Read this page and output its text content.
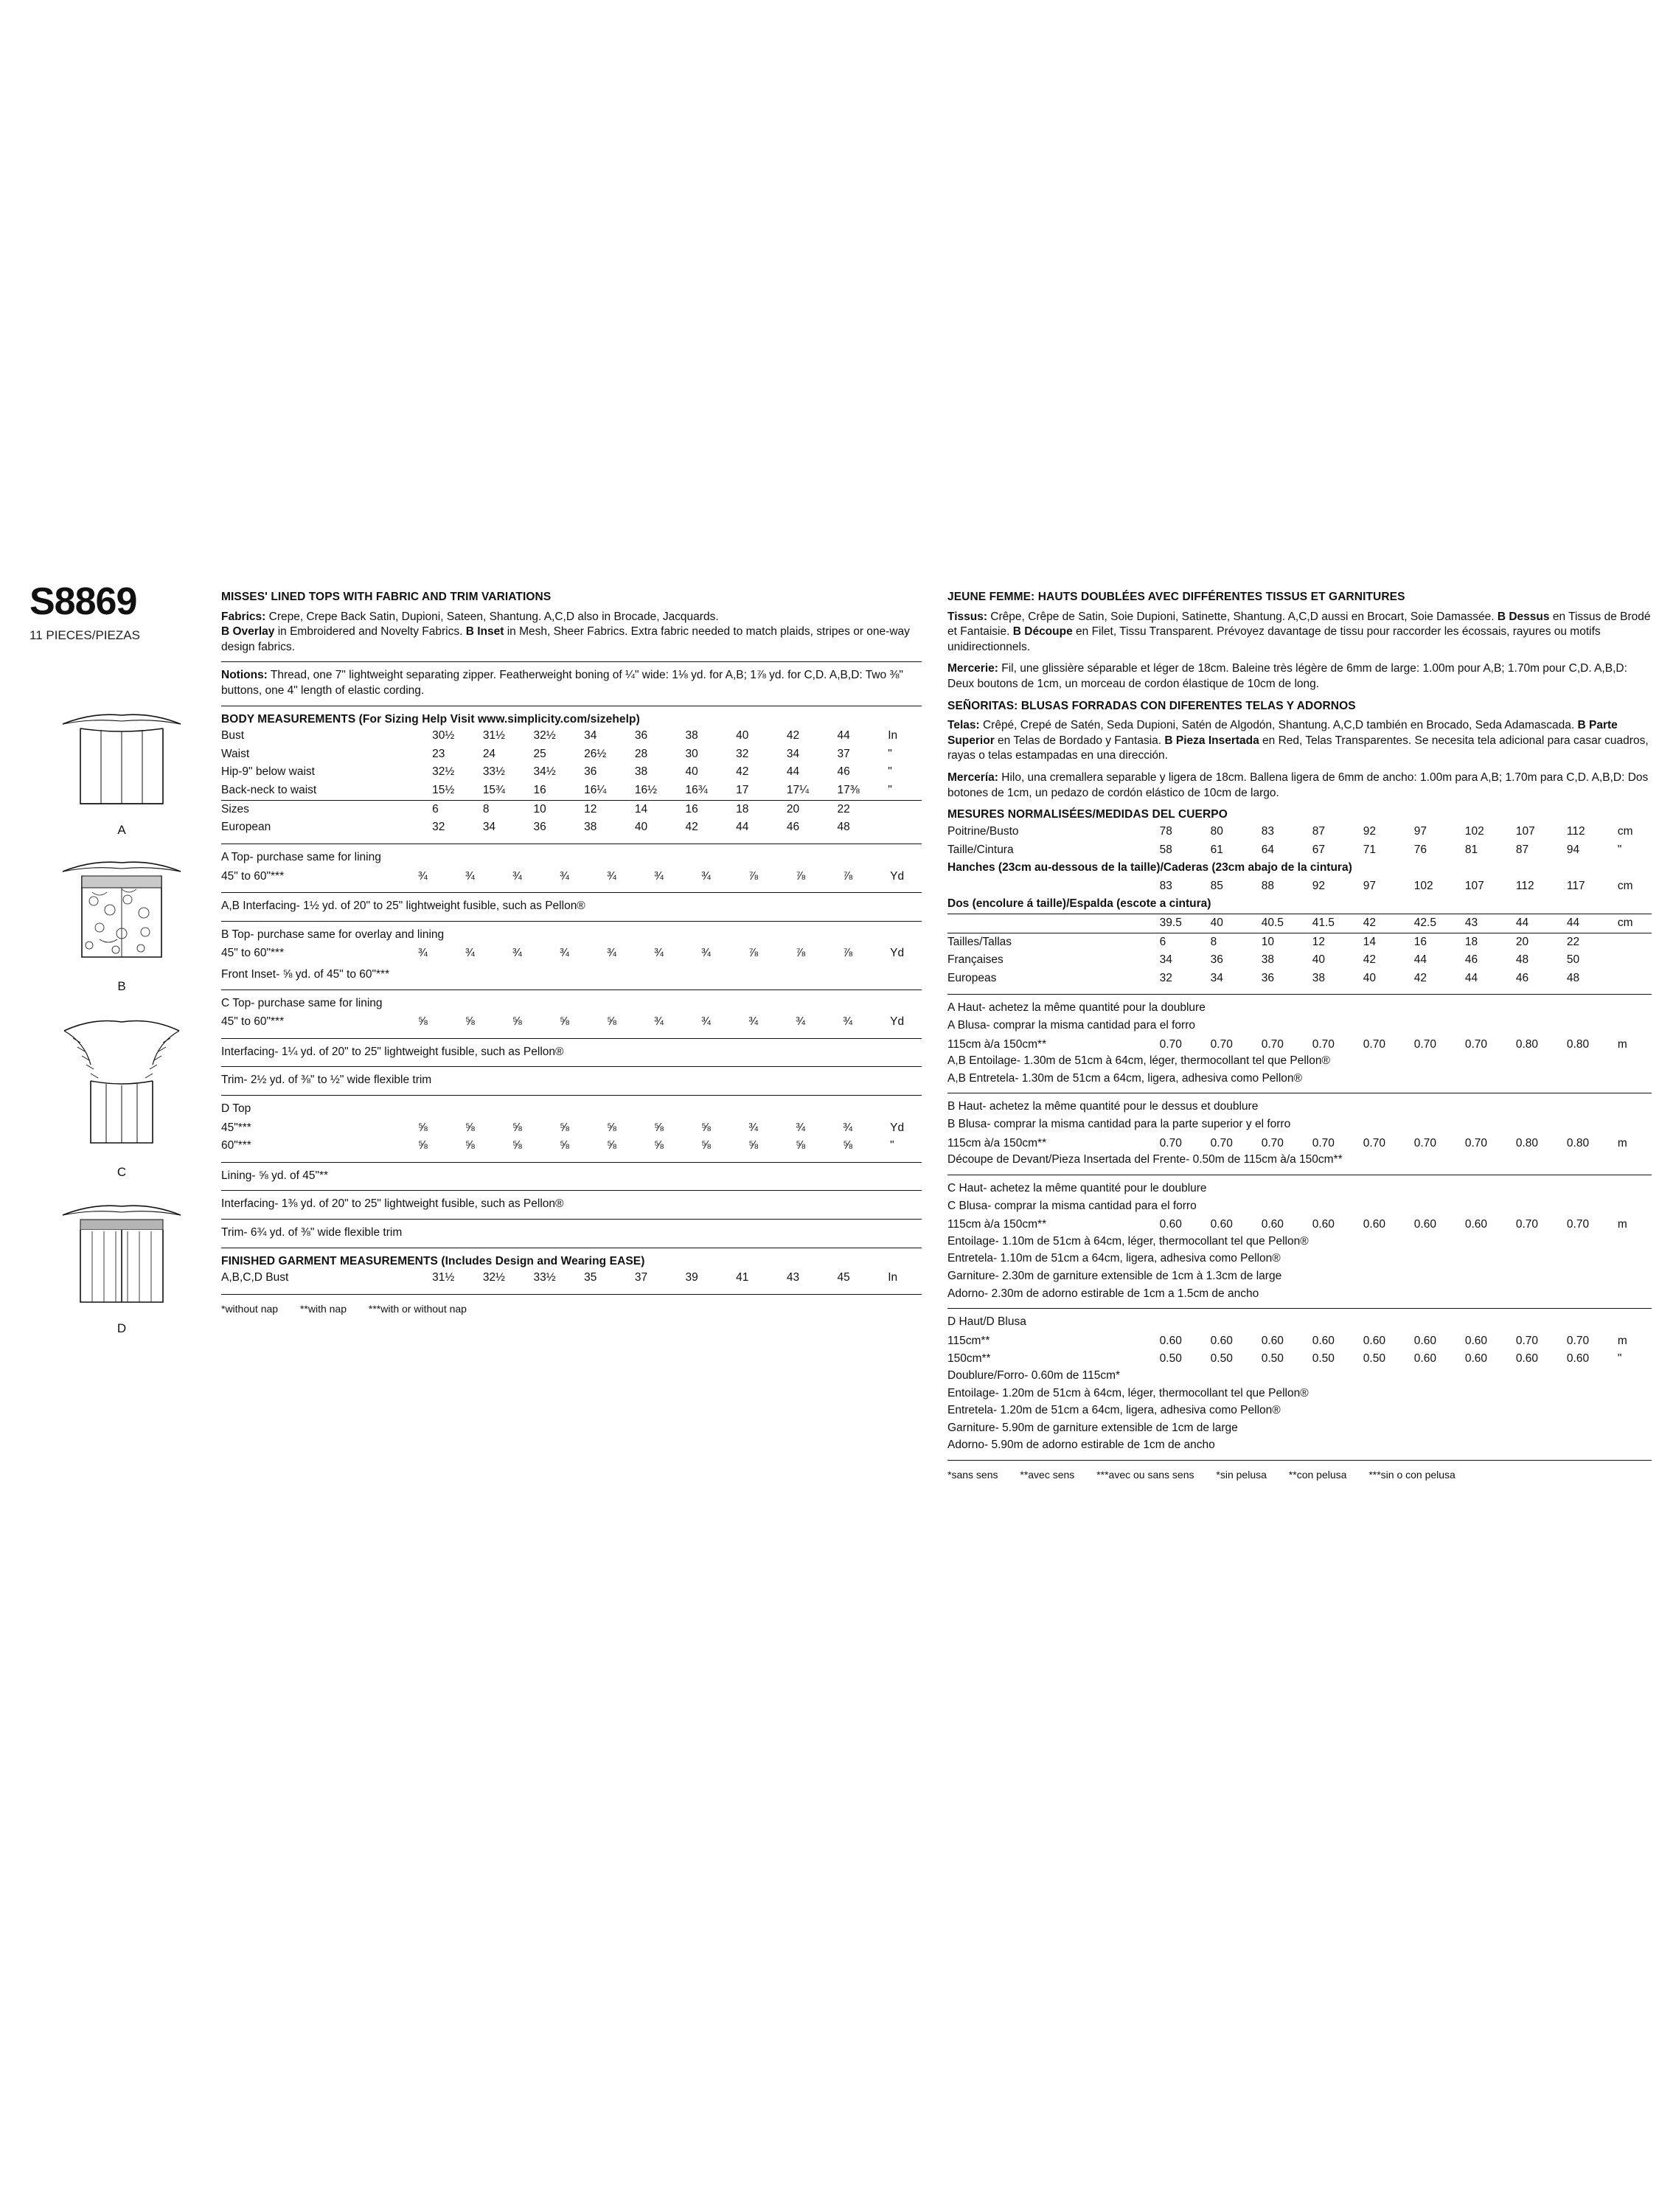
S8869
11 PIECES/PIEZAS
A
B
C
D
MISSES' LINED TOPS WITH FABRIC AND TRIM VARIATIONS
Fabrics: Crepe, Crepe Back Satin, Dupioni, Sateen, Shantung. A,C,D also in Brocade, Jacquards.
B Overlay in Embroidered and Novelty Fabrics. B Inset in Mesh, Sheer Fabrics. Extra fabric needed to match plaids, stripes or one-way design fabrics.
Notions: Thread, one 7" lightweight separating zipper. Featherweight boning of ¼" wide: 1⅛ yd. for A,B; 1⅞ yd. for C,D. A,B,D: Two ⅜" buttons, one 4" length of elastic cording.
BODY MEASUREMENTS (For Sizing Help Visit www.simplicity.com/sizehelp)
Bust	30½	31½	32½	34	36	38	40	42	44	In
Waist	23	24	25	26½	28	30	32	34	37	"
Hip-9" below waist	32½	33½	34½	36	38	40	42	44	46	"
Back-neck to waist	15½	15¾	16	16¼	16½	16¾	17	17¼	17⅜	"
Sizes	6	8	10	12	14	16	18	20	22	
European	32	34	36	38	40	42	44	46	48	
A Top- purchase same for lining
45" to 60"***	¾	¾	¾	¾	¾	¾	¾	⅞	⅞	⅞	Yd
A,B Interfacing- 1½ yd. of 20" to 25" lightweight fusible, such as Pellon®
B Top- purchase same for overlay and lining
45" to 60"***	¾	¾	¾	¾	¾	¾	¾	⅞	⅞	⅞	Yd
Front Inset- ⅝ yd. of 45" to 60"***
C Top- purchase same for lining
45" to 60"***	⅝	⅝	⅝	⅝	⅝	¾	¾	¾	¾	¾	Yd
Interfacing- 1¼ yd. of 20" to 25" lightweight fusible, such as Pellon®
Trim- 2½ yd. of ⅜" to ½" wide flexible trim
D Top
45"***	⅝	⅝	⅝	⅝	⅝	⅝	⅝	¾	¾	¾	Yd
60"***	⅝	⅝	⅝	⅝	⅝	⅝	⅝	⅝	⅝	⅝	"
Lining- ⅝ yd. of 45"**
Interfacing- 1⅜ yd. of 20" to 25" lightweight fusible, such as Pellon®
Trim- 6¾ yd. of ⅜" wide flexible trim
FINISHED GARMENT MEASUREMENTS (Includes Design and Wearing EASE)
A,B,C,D Bust	31½	32½	33½	35	37	39	41	43	45	In
*without nap **with nap ***with or without nap
JEUNE FEMME: HAUTS DOUBLÉES AVEC DIFFÉRENTES TISSUS ET GARNITURES
Tissus: Crêpe, Crêpe de Satin, Soie Dupioni, Satinette, Shantung. A,C,D aussi en Brocart, Soie Damassée. B Dessus en Tissus de Brodé et Fantaisie. B Découpe en Filet, Tissu Transparent. Prévoyez davantage de tissu pour raccorder les écossais, rayures ou motifs unidirectionnels.
Mercerie: Fil, une glissière séparable et léger de 18cm. Baleine très légère de 6mm de large: 1.00m pour A,B; 1.70m pour C,D. A,B,D: Deux boutons de 1cm, un morceau de cordon élastique de 10cm de long.
SEÑORITAS: BLUSAS FORRADAS CON DIFERENTES TELAS Y ADORNOS
Telas: Crêpé, Crepé de Satén, Seda Dupioni, Satén de Algodón, Shantung. A,C,D también en Brocado, Seda Adamascada. B Parte Superior en Telas de Bordado y Fantasia. B Pieza Insertada en Red, Telas Transparentes. Se necesita tela adicional para casar cuadros, rayas o telas estampadas en una dirección.
Mercería: Hilo, una cremallera separable y ligera de 18cm. Ballena ligera de 6mm de ancho: 1.00m para A,B; 1.70m para C,D. A,B,D: Dos botones de 1cm, un pedazo de cordón elástico de 10cm de largo.
MESURES NORMALISÉES/MEDIDAS DEL CUERPO
Poitrine/Busto	78	80	83	87	92	97	102	107	112	cm
Taille/Cintura	58	61	64	67	71	76	81	87	94	"
Hanches (23cm au-dessous de la taille)/Caderas (23cm abajo de la cintura)										
	83	85	88	92	97	102	107	112	117	cm
Dos (encolure á taille)/Espalda (escote a cintura)										
	39.5	40	40.5	41.5	42	42.5	43	44	44	cm
Tailles/Tallas	6	8	10	12	14	16	18	20	22	
Françaises	34	36	38	40	42	44	46	48	50	
Europeas	32	34	36	38	40	42	44	46	48	
A Haut- achetez la même quantité pour la doublure
A Blusa- comprar la misma cantidad para el forro
115cm à/a 150cm**	0.70	0.70	0.70	0.70	0.70	0.70	0.70	0.80	0.80	m
A,B Entoilage- 1.30m de 51cm à 64cm, léger, thermocollant tel que Pellon®
A,B Entretela- 1.30m de 51cm a 64cm, ligera, adhesiva como Pellon®
B Haut- achetez la même quantité pour le dessus et doublure
B Blusa- comprar la misma cantidad para la parte superior y el forro
115cm à/a 150cm**	0.70	0.70	0.70	0.70	0.70	0.70	0.70	0.80	0.80	m
Découpe de Devant/Pieza Insertada del Frente- 0.50m de 115cm à/a 150cm**
C Haut- achetez la même quantité pour le doublure
C Blusa- comprar la misma cantidad para el forro
115cm à/a 150cm**	0.60	0.60	0.60	0.60	0.60	0.60	0.60	0.70	0.70	m
Entoilage- 1.10m de 51cm à 64cm, léger, thermocollant tel que Pellon®
Entretela- 1.10m de 51cm a 64cm, ligera, adhesiva como Pellon®
Garniture- 2.30m de garniture extensible de 1cm à 1.3cm de large
Adorno- 2.30m de adorno estirable de 1cm a 1.5cm de ancho
D Haut/D Blusa
115cm**	0.60	0.60	0.60	0.60	0.60	0.60	0.60	0.70	0.70	m
150cm**	0.50	0.50	0.50	0.50	0.50	0.60	0.60	0.60	0.60	"
Doublure/Forro- 0.60m de 115cm*
Entoilage- 1.20m de 51cm à 64cm, léger, thermocollant tel que Pellon®
Entretela- 1.20m de 51cm a 64cm, ligera, adhesiva como Pellon®
Garniture- 5.90m de garniture extensible de 1cm de large
Adorno- 5.90m de adorno estirable de 1cm de ancho
*sans sens **avec sens ***avec ou sans sens *sin pelusa **con pelusa ***sin o con pelusa
